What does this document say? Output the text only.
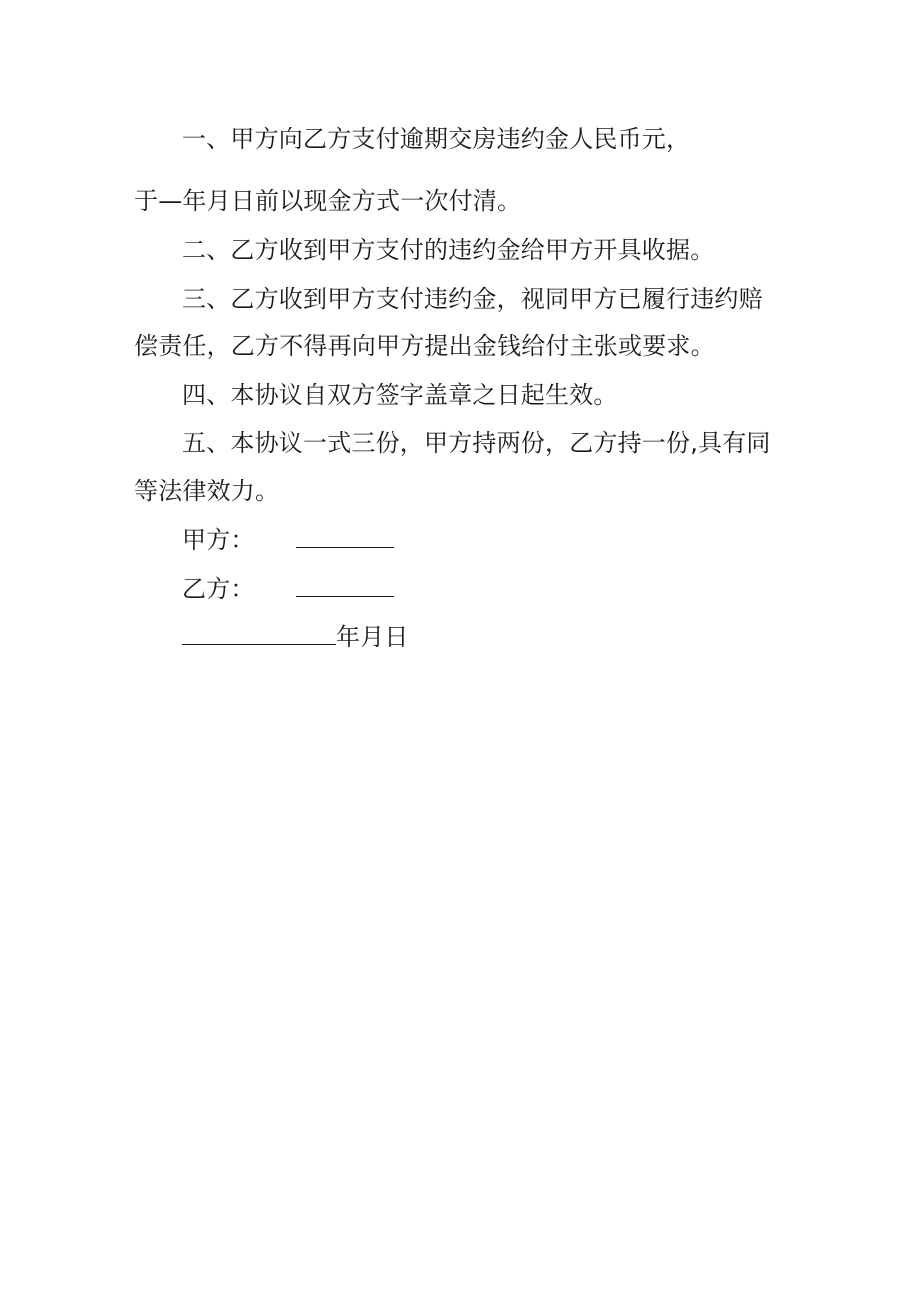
一、甲方向乙方支付逾期交房违约金人民币元，
于—年月日前以现金方式一次付清。
二、乙方收到甲方支付的违约金给甲方开具收据。
三、乙方收到甲方支付违约金，视同甲方已履行违约赔
偿责任，乙方不得再向甲方提出金钱给付主张或要求。
四、本协议自双方签字盖章之日起生效。
五、本协议一式三份，甲方持两份，乙方持一份,具有同
等法律效力。
甲方：
乙方：
年月日
